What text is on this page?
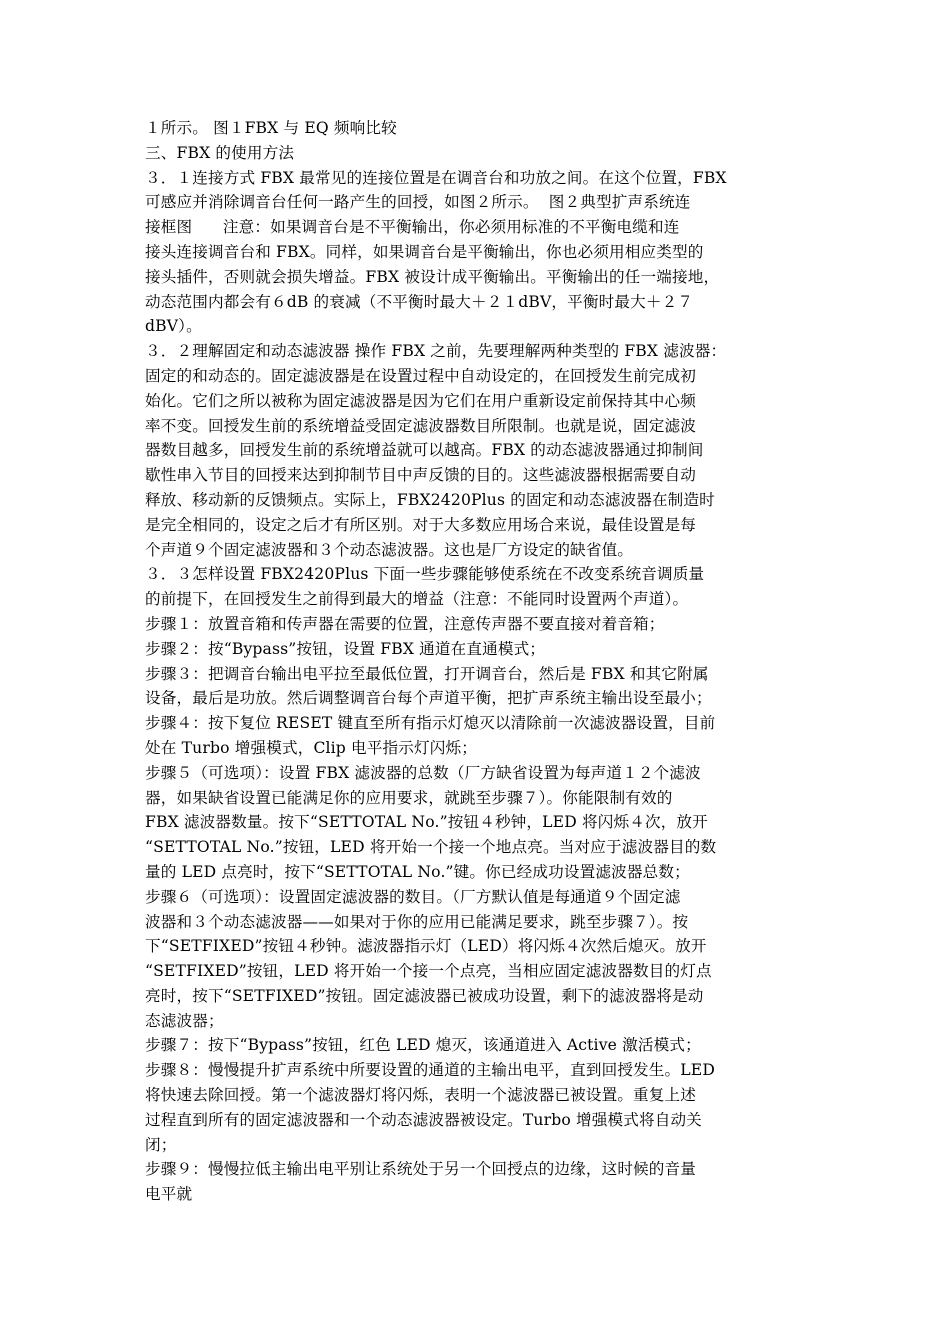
１所示。 图１FBX 与 EQ 频响比较
三、FBX 的使用方法
３．１连接方式 FBX 最常见的连接位置是在调音台和功放之间。在这个位置，FBX
可感应并消除调音台任何一路产生的回授，如图２所示。  图２典型扩声系统连
接框图      注意：如果调音台是不平衡输出，你必须用标准的不平衡电缆和连
接头连接调音台和 FBX。同样，如果调音台是平衡输出，你也必须用相应类型的
接头插件，否则就会损失增益。FBX 被设计成平衡输出。平衡输出的任一端接地，
动态范围内都会有６dB 的衰减（不平衡时最大＋２１dBV，平衡时最大＋２７
dBV）。
３．２理解固定和动态滤波器 操作 FBX 之前，先要理解两种类型的 FBX 滤波器：
固定的和动态的。固定滤波器是在设置过程中自动设定的，在回授发生前完成初
始化。它们之所以被称为固定滤波器是因为它们在用户重新设定前保持其中心频
率不变。回授发生前的系统增益受固定滤波器数目所限制。也就是说，固定滤波
器数目越多，回授发生前的系统增益就可以越高。FBX 的动态滤波器通过抑制间
歇性串入节目的回授来达到抑制节目中声反馈的目的。这些滤波器根据需要自动
释放、移动新的反馈频点。实际上，FBX2420Plus 的固定和动态滤波器在制造时
是完全相同的，设定之后才有所区别。对于大多数应用场合来说，最佳设置是每
个声道９个固定滤波器和３个动态滤波器。这也是厂方设定的缺省值。
３．３怎样设置 FBX2420Plus 下面一些步骤能够使系统在不改变系统音调质量
的前提下，在回授发生之前得到最大的增益（注意：不能同时设置两个声道）。
步骤１：放置音箱和传声器在需要的位置，注意传声器不要直接对着音箱；
步骤２：按“Bypass”按钮，设置 FBX 通道在直通模式；
步骤３：把调音台输出电平拉至最低位置，打开调音台，然后是 FBX 和其它附属
设备，最后是功放。然后调整调音台每个声道平衡，把扩声系统主输出设至最小；
步骤４：按下复位 RESET 键直至所有指示灯熄灭以清除前一次滤波器设置，目前
处在 Turbo 增强模式，Clip 电平指示灯闪烁；
步骤５（可选项）：设置 FBX 滤波器的总数（厂方缺省设置为每声道１２个滤波
器，如果缺省设置已能满足你的应用要求，就跳至步骤７）。你能限制有效的
FBX 滤波器数量。按下“SETTOTAL No.”按钮４秒钟，LED 将闪烁４次，放开
“SETTOTAL No.”按钮，LED 将开始一个接一个地点亮。当对应于滤波器目的数
量的 LED 点亮时，按下“SETTOTAL No.”键。你已经成功设置滤波器总数；
步骤６（可选项）：设置固定滤波器的数目。（厂方默认值是每通道９个固定滤
波器和３个动态滤波器——如果对于你的应用已能满足要求，跳至步骤７）。按
下“SETFIXED”按钮４秒钟。滤波器指示灯（LED）将闪烁４次然后熄灭。放开
“SETFIXED”按钮，LED 将开始一个接一个点亮，当相应固定滤波器数目的灯点
亮时，按下“SETFIXED”按钮。固定滤波器已被成功设置，剩下的滤波器将是动
态滤波器；
步骤７：按下“Bypass”按钮，红色 LED 熄灭，该通道进入 Active 激活模式；
步骤８：慢慢提升扩声系统中所要设置的通道的主输出电平，直到回授发生。LED
将快速去除回授。第一个滤波器灯将闪烁，表明一个滤波器已被设置。重复上述
过程直到所有的固定滤波器和一个动态滤波器被设定。Turbo 增强模式将自动关
闭；
步骤９：慢慢拉低主输出电平别让系统处于另一个回授点的边缘，这时候的音量
电平就
